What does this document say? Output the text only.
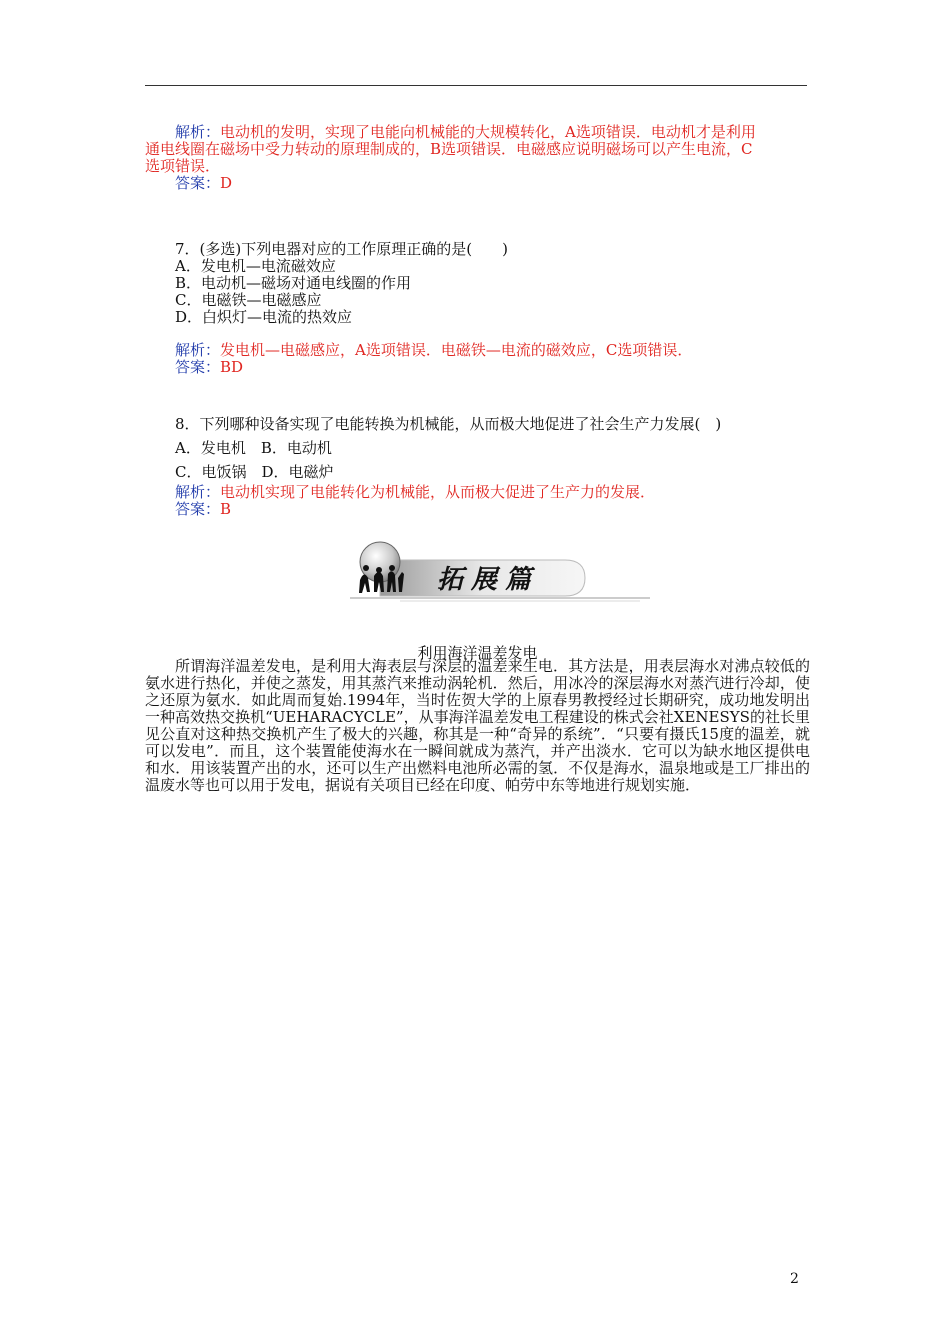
解析：电动机的发明，实现了电能向机械能的大规模转化，A选项错误．电动机才是利用
通电线圈在磁场中受力转动的原理制成的，B选项错误．电磁感应说明磁场可以产生电流，C
选项错误．
答案：D
7．(多选)下列电器对应的工作原理正确的是(　　)
A．发电机—电流磁效应
B．电动机—磁场对通电线圈的作用
C．电磁铁—电磁感应
D．白炽灯—电流的热效应
解析：发电机—电磁感应，A选项错误．电磁铁—电流的磁效应，C选项错误．
答案：BD
8．下列哪种设备实现了电能转换为机械能，从而极大地促进了社会生产力发展(　)
A．发电机　B．电动机
C．电饭锅　D．电磁炉
解析：电动机实现了电能转化为机械能，从而极大促进了生产力的发展．
答案：B
拓展篇
利用海洋温差发电
所谓海洋温差发电，是利用大海表层与深层的温差来生电．其方法是，用表层海水对沸点较低的氨水进行热化，并使之蒸发，用其蒸汽来推动涡轮机．然后，用冰冷的深层海水对蒸汽进行冷却，使之还原为氨水．如此周而复始.1994年，当时佐贺大学的上原春男教授经过长期研究，成功地发明出一种高效热交换机“UEHARACYCLE”，从事海洋温差发电工程建设的株式会社XENESYS的社长里见公直对这种热交换机产生了极大的兴趣，称其是一种“奇异的系统”．“只要有摄氏15度的温差，就可以发电”．而且，这个装置能使海水在一瞬间就成为蒸汽，并产出淡水．它可以为缺水地区提供电和水．用该装置产出的水，还可以生产出燃料电池所必需的氢．不仅是海水，温泉地或是工厂排出的温废水等也可以用于发电，据说有关项目已经在印度、帕劳中东等地进行规划实施．
2
